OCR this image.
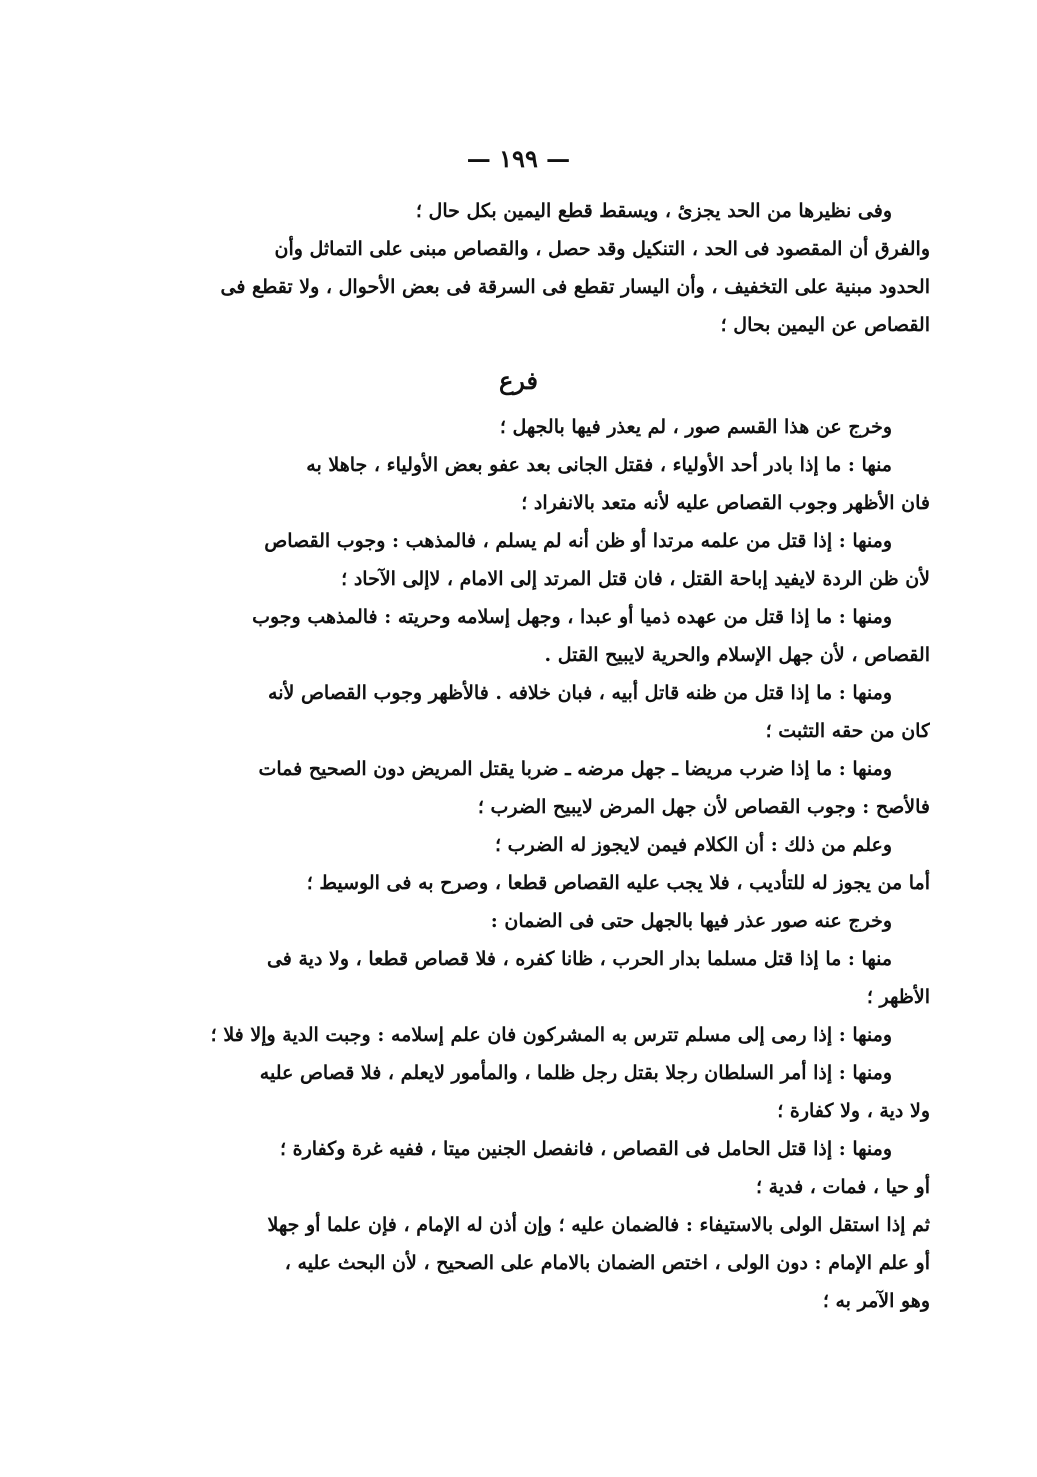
— ١٩٩ —
وفى نظيرها من الحد يجزئ ، ويسقط قطع اليمين بكل حال ؛
والفرق أن المقصود فى الحد ، التنكيل وقد حصل ، والقصاص مبنى على التماثل وأن
الحدود مبنية على التخفيف ، وأن اليسار تقطع فى السرقة فى بعض الأحوال ، ولا تقطع فى
القصاص عن اليمين بحال ؛
فرع
وخرج عن هذا القسم صور ، لم يعذر فيها بالجهل ؛
منها : ما إذا بادر أحد الأولياء ، فقتل الجانى بعد عفو بعض الأولياء ، جاهلا به
فان الأظهر وجوب القصاص عليه لأنه متعد بالانفراد ؛
ومنها : إذا قتل من علمه مرتدا أو ظن أنه لم يسلم ، فالمذهب : وجوب القصاص
لأن ظن الردة لايفيد إباحة القتل ، فان قتل المرتد إلى الامام ، لاإلى الآحاد ؛
ومنها : ما إذا قتل من عهده ذميا أو عبدا ، وجهل إسلامه وحريته : فالمذهب وجوب
القصاص ، لأن جهل الإسلام والحرية لايبيح القتل .
ومنها : ما إذا قتل من ظنه قاتل أبيه ، فبان خلافه . فالأظهر وجوب القصاص لأنه
كان من حقه التثبت ؛
ومنها : ما إذا ضرب مريضا ـ جهل مرضه ـ ضربا يقتل المريض دون الصحيح فمات
فالأصح : وجوب القصاص لأن جهل المرض لايبيح الضرب ؛
وعلم من ذلك : أن الكلام فيمن لايجوز له الضرب ؛
أما من يجوز له للتأديب ، فلا يجب عليه القصاص قطعا ، وصرح به فى الوسيط ؛
وخرج عنه صور عذر فيها بالجهل حتى فى الضمان :
منها : ما إذا قتل مسلما بدار الحرب ، ظانا كفره ، فلا قصاص قطعا ، ولا دية فى
الأظهر ؛
ومنها : إذا رمى إلى مسلم تترس به المشركون فان علم إسلامه : وجبت الدية وإلا فلا ؛
ومنها : إذا أمر السلطان رجلا بقتل رجل ظلما ، والمأمور لايعلم ، فلا قصاص عليه
ولا دية ، ولا كفارة ؛
ومنها : إذا قتل الحامل فى القصاص ، فانفصل الجنين ميتا ، ففيه غرة وكفارة ؛
أو حيا ، فمات ، فدية ؛
ثم إذا استقل الولى بالاستيفاء : فالضمان عليه ؛ وإن أذن له الإمام ، فإن علما أو جهلا
أو علم الإمام : دون الولى ، اختص الضمان بالامام على الصحيح ، لأن البحث عليه ،
وهو الآمر به ؛
